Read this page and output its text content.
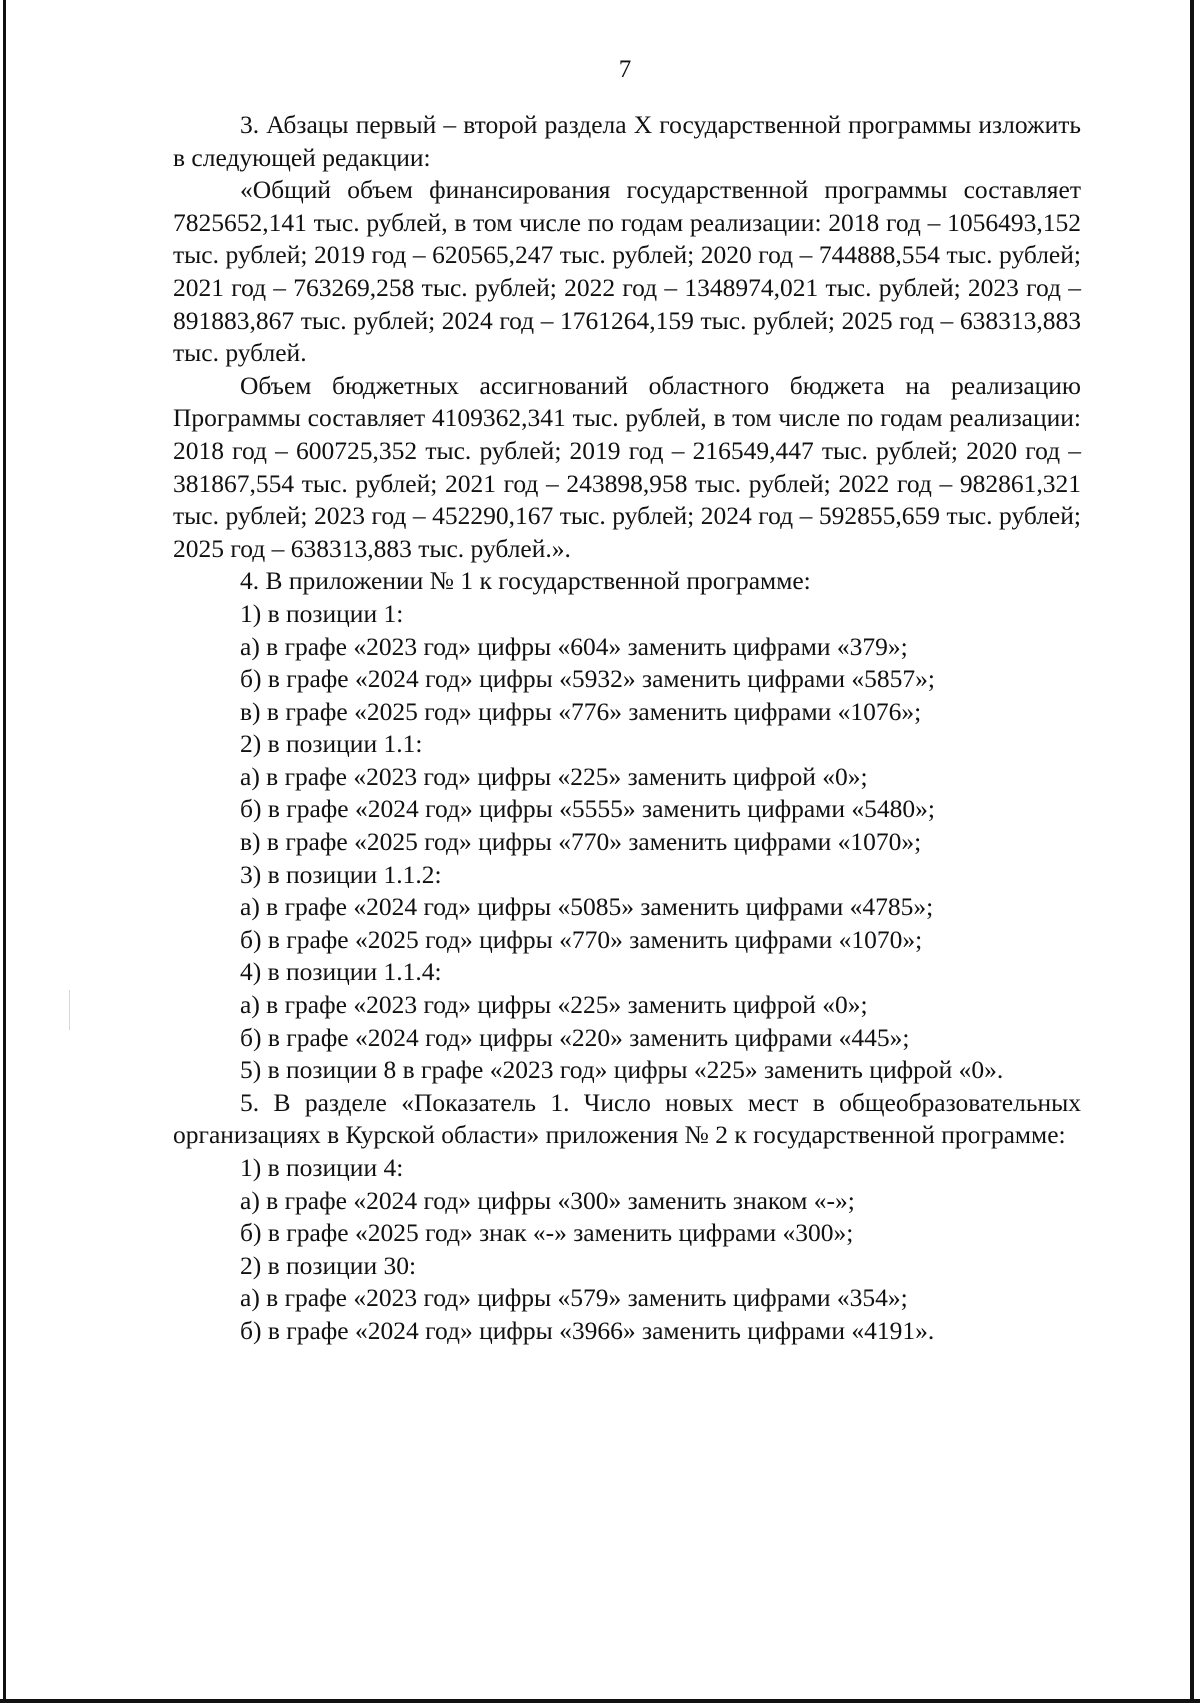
7

3. Абзацы первый – второй раздела X государственной программы изложить в следующей редакции:

«Общий объем финансирования государственной программы составляет 7825652,141 тыс. рублей, в том числе по годам реализации: 2018 год – 1056493,152 тыс. рублей; 2019 год – 620565,247 тыс. рублей; 2020 год – 744888,554 тыс. рублей; 2021 год – 763269,258 тыс. рублей; 2022 год – 1348974,021 тыс. рублей; 2023 год – 891883,867 тыс. рублей; 2024 год – 1761264,159 тыс. рублей; 2025 год – 638313,883 тыс. рублей.

Объем бюджетных ассигнований областного бюджета на реализацию Программы составляет 4109362,341 тыс. рублей, в том числе по годам реализации: 2018 год – 600725,352 тыс. рублей; 2019 год – 216549,447 тыс. рублей; 2020 год – 381867,554 тыс. рублей; 2021 год – 243898,958 тыс. рублей; 2022 год – 982861,321 тыс. рублей; 2023 год – 452290,167 тыс. рублей; 2024 год – 592855,659 тыс. рублей; 2025 год – 638313,883 тыс. рублей.».

4. В приложении № 1 к государственной программе:

1) в позиции 1:

а) в графе «2023 год» цифры «604» заменить цифрами «379»;

б) в графе «2024 год» цифры «5932» заменить цифрами «5857»;

в) в графе «2025 год» цифры «776» заменить цифрами «1076»;

2) в позиции 1.1:

а) в графе «2023 год» цифры «225» заменить цифрой «0»;

б) в графе «2024 год» цифры «5555» заменить цифрами «5480»;

в) в графе «2025 год» цифры «770» заменить цифрами «1070»;

3) в позиции 1.1.2:

а) в графе «2024 год» цифры «5085» заменить цифрами «4785»;

б) в графе «2025 год» цифры «770» заменить цифрами «1070»;

4) в позиции 1.1.4:

а) в графе «2023 год» цифры «225» заменить цифрой «0»;

б) в графе «2024 год» цифры «220» заменить цифрами «445»;

5) в позиции 8 в графе «2023 год» цифры «225» заменить цифрой «0».

5. В разделе «Показатель 1. Число новых мест в общеобразовательных организациях в Курской области» приложения № 2 к государственной программе:

1) в позиции 4:

а) в графе «2024 год» цифры «300» заменить знаком «-»;

б) в графе «2025 год» знак «-» заменить цифрами «300»;

2) в позиции 30:

а) в графе «2023 год» цифры «579» заменить цифрами «354»;

б) в графе «2024 год» цифры «3966» заменить цифрами «4191».
